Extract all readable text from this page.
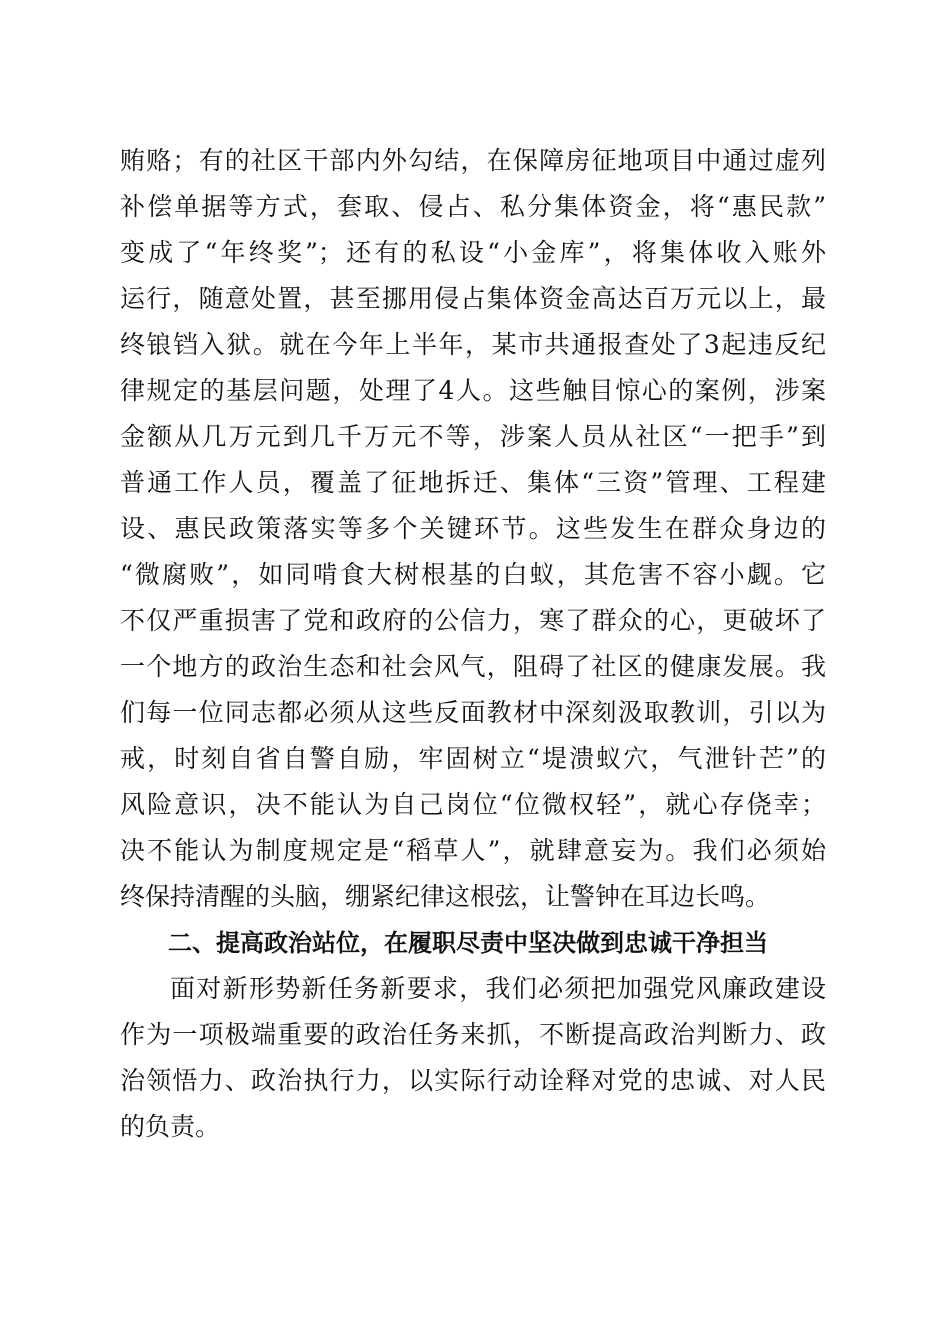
贿赂；有的社区干部内外勾结，在保障房征地项目中通过虚列
补偿单据等方式，套取、侵占、私分集体资金，将“惠民款”
变成了“年终奖”；还有的私设“小金库”，将集体收入账外
运行，随意处置，甚至挪用侵占集体资金高达百万元以上，最
终锒铛入狱。就在今年上半年，某市共通报查处了3起违反纪
律规定的基层问题，处理了4人。这些触目惊心的案例，涉案
金额从几万元到几千万元不等，涉案人员从社区“一把手”到
普通工作人员，覆盖了征地拆迁、集体“三资”管理、工程建
设、惠民政策落实等多个关键环节。这些发生在群众身边的
“微腐败”，如同啃食大树根基的白蚁，其危害不容小觑。它
不仅严重损害了党和政府的公信力，寒了群众的心，更破坏了
一个地方的政治生态和社会风气，阻碍了社区的健康发展。我
们每一位同志都必须从这些反面教材中深刻汲取教训，引以为
戒，时刻自省自警自励，牢固树立“堤溃蚁穴，气泄针芒”的
风险意识，决不能认为自己岗位“位微权轻”，就心存侥幸；
决不能认为制度规定是“稻草人”，就肆意妄为。我们必须始
终保持清醒的头脑，绷紧纪律这根弦，让警钟在耳边长鸣。
二、提高政治站位，在履职尽责中坚决做到忠诚干净担当
面对新形势新任务新要求，我们必须把加强党风廉政建设
作为一项极端重要的政治任务来抓，不断提高政治判断力、政
治领悟力、政治执行力，以实际行动诠释对党的忠诚、对人民
的负责。
